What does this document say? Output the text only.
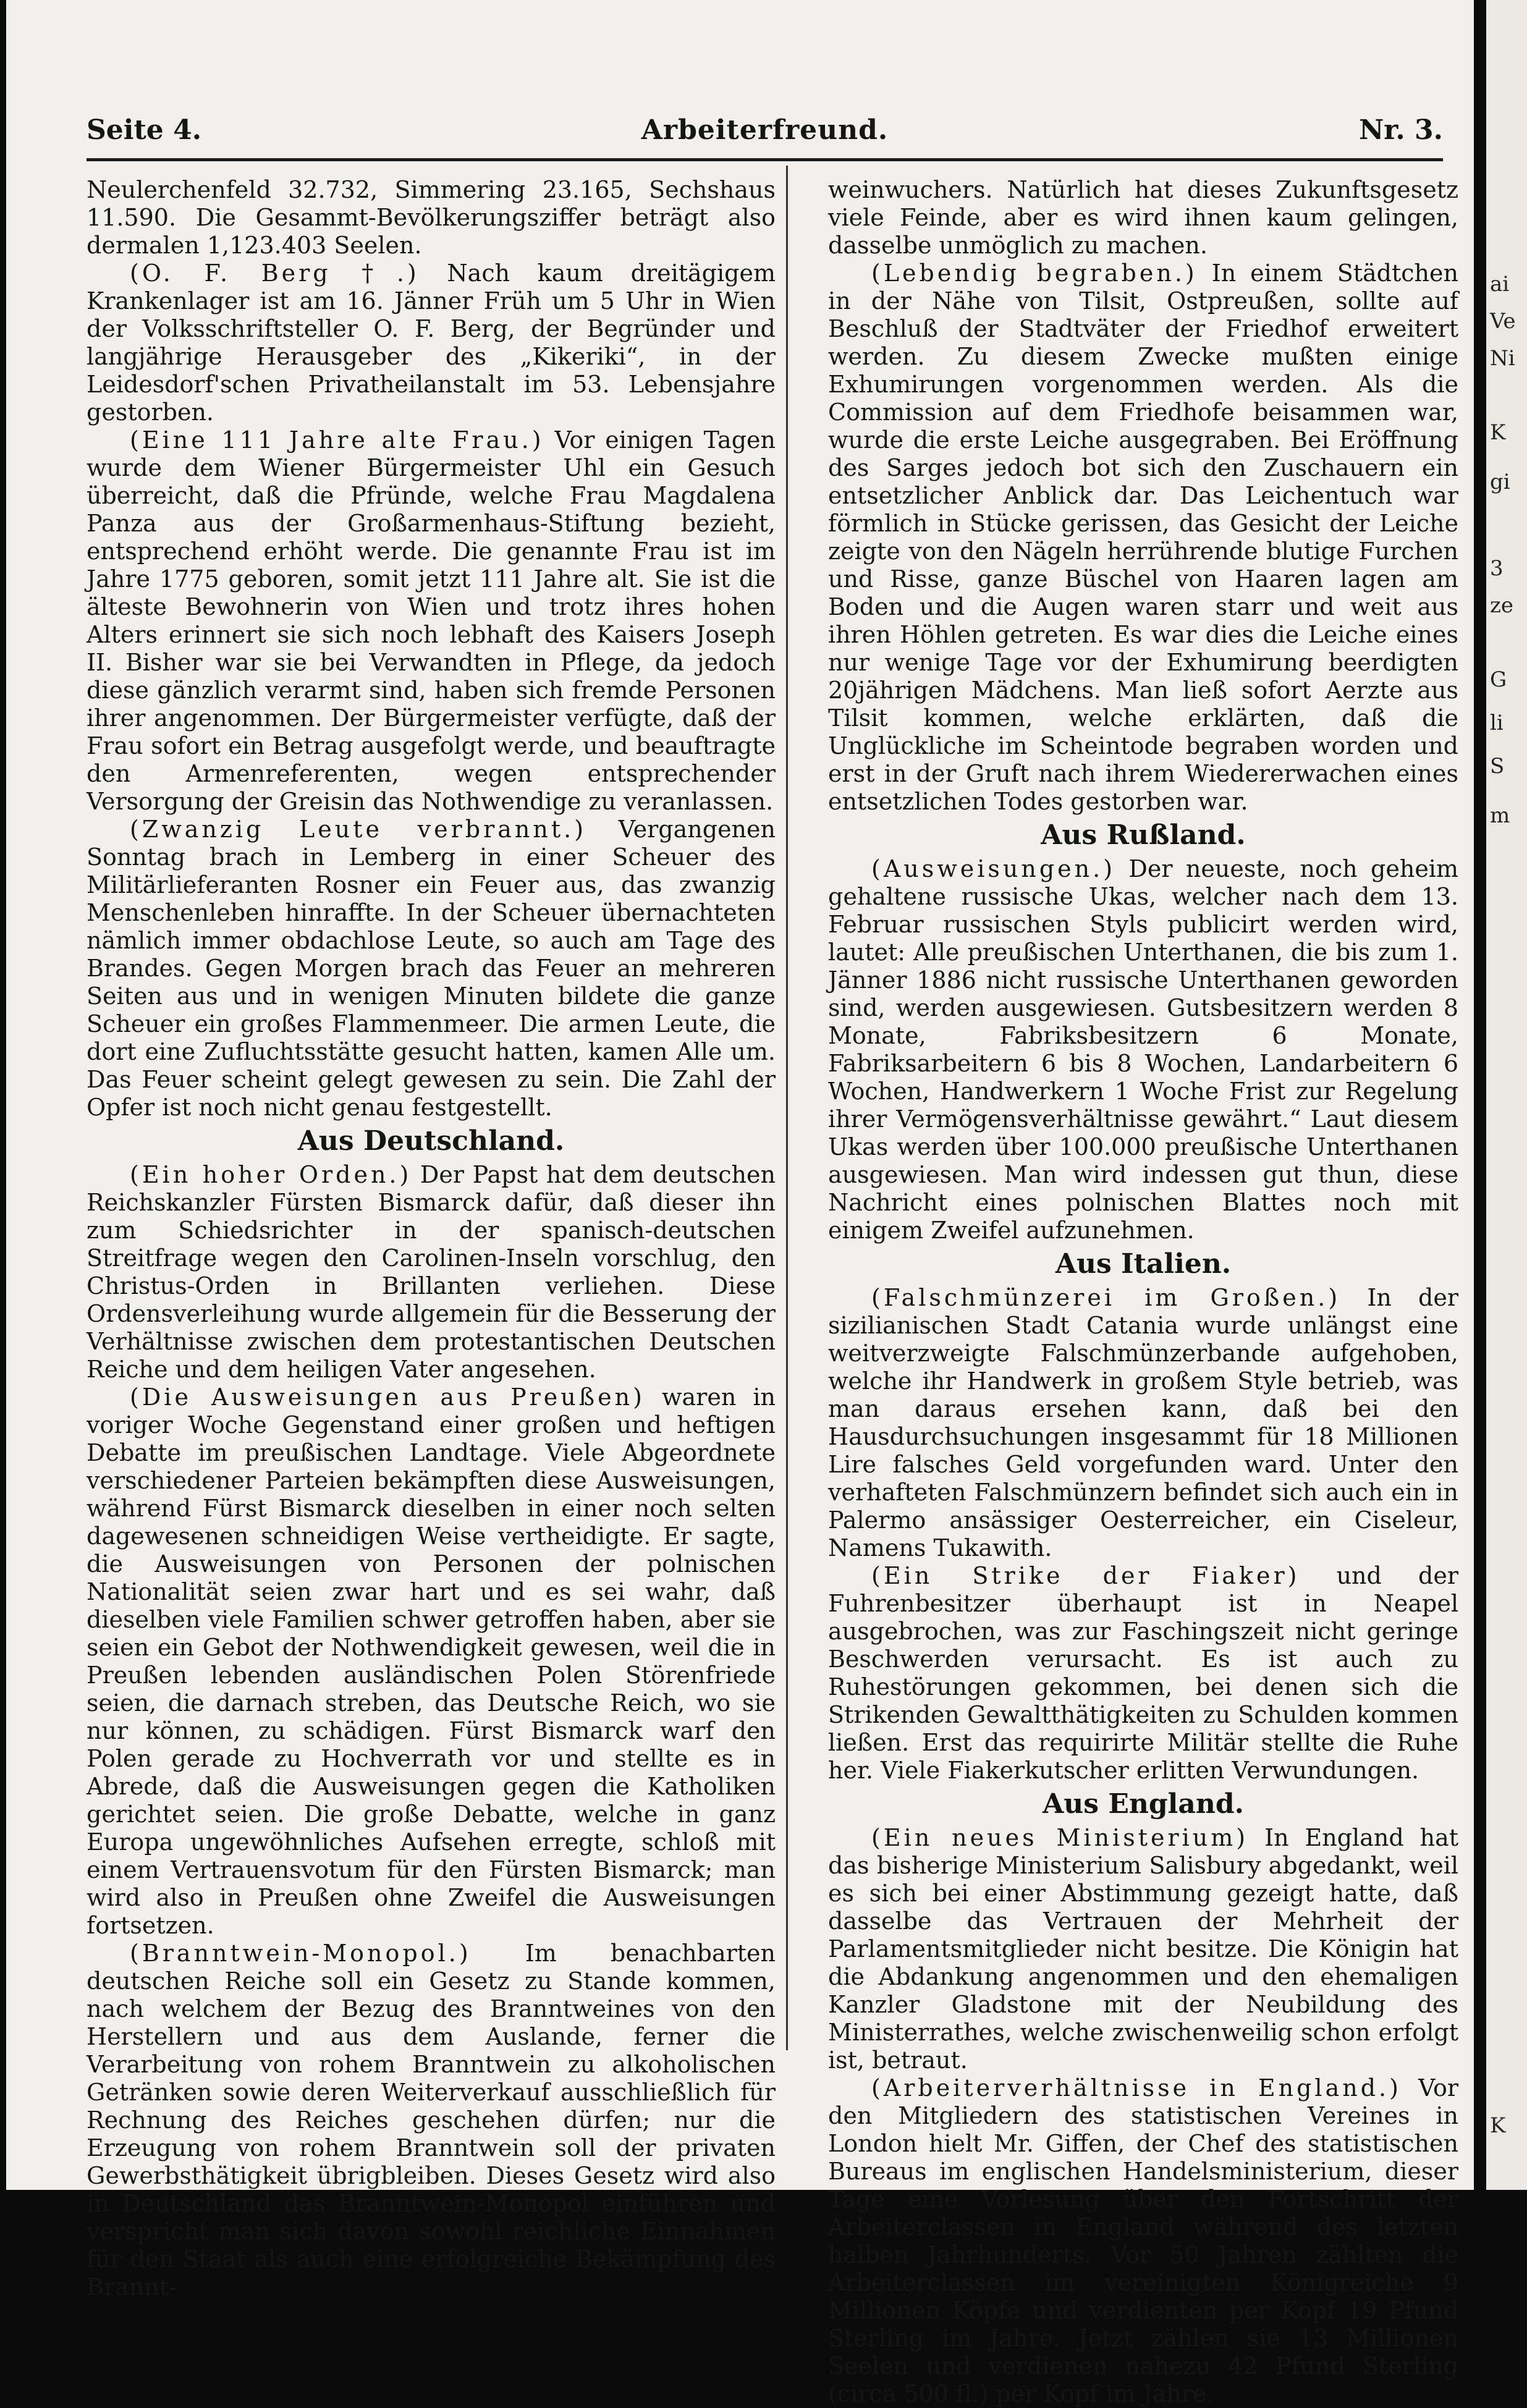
Seite 4.	Arbeiterfreund.	Nr. 3.

Neulerchenfeld 32.732, Simmering 23.165, Sechshaus 11.590. Die Gesammt-Bevölkerungsziffer beträgt also dermalen 1,123.403 Seelen.

(O. F. Berg †.) Nach kaum dreitägigem Krankenlager ist am 16. Jänner Früh um 5 Uhr in Wien der Volksschriftsteller O. F. Berg, der Begründer und langjährige Herausgeber des „Kikeriki“, in der Leidesdorf'schen Privatheilanstalt im 53. Lebensjahre gestorben.

(Eine 111 Jahre alte Frau.) Vor einigen Tagen wurde dem Wiener Bürgermeister Uhl ein Gesuch überreicht, daß die Pfründe, welche Frau Magdalena Panza aus der Großarmenhaus-Stiftung bezieht, entsprechend erhöht werde. Die genannte Frau ist im Jahre 1775 geboren, somit jetzt 111 Jahre alt. Sie ist die älteste Bewohnerin von Wien und trotz ihres hohen Alters erinnert sie sich noch lebhaft des Kaisers Joseph II. Bisher war sie bei Verwandten in Pflege, da jedoch diese gänzlich verarmt sind, haben sich fremde Personen ihrer angenommen. Der Bürgermeister verfügte, daß der Frau sofort ein Betrag ausgefolgt werde, und beauftragte den Armenreferenten, wegen entsprechender Versorgung der Greisin das Nothwendige zu veranlassen.

(Zwanzig Leute verbrannt.) Vergangenen Sonntag brach in Lemberg in einer Scheuer des Militärlieferanten Rosner ein Feuer aus, das zwanzig Menschenleben hinraffte. In der Scheuer übernachteten nämlich immer obdachlose Leute, so auch am Tage des Brandes. Gegen Morgen brach das Feuer an mehreren Seiten aus und in wenigen Minuten bildete die ganze Scheuer ein großes Flammenmeer. Die armen Leute, die dort eine Zufluchtsstätte gesucht hatten, kamen Alle um. Das Feuer scheint gelegt gewesen zu sein. Die Zahl der Opfer ist noch nicht genau festgestellt.

Aus Deutschland.

(Ein hoher Orden.) Der Papst hat dem deutschen Reichskanzler Fürsten Bismarck dafür, daß dieser ihn zum Schiedsrichter in der spanisch-deutschen Streitfrage wegen den Carolinen-Inseln vorschlug, den Christus-Orden in Brillanten verliehen. Diese Ordensverleihung wurde allgemein für die Besserung der Verhältnisse zwischen dem protestantischen Deutschen Reiche und dem heiligen Vater angesehen.

(Die Ausweisungen aus Preußen) waren in voriger Woche Gegenstand einer großen und heftigen Debatte im preußischen Landtage. Viele Abgeordnete verschiedener Parteien bekämpften diese Ausweisungen, während Fürst Bismarck dieselben in einer noch selten dagewesenen schneidigen Weise vertheidigte. Er sagte, die Ausweisungen von Personen der polnischen Nationalität seien zwar hart und es sei wahr, daß dieselben viele Familien schwer getroffen haben, aber sie seien ein Gebot der Nothwendigkeit gewesen, weil die in Preußen lebenden ausländischen Polen Störenfriede seien, die darnach streben, das Deutsche Reich, wo sie nur können, zu schädigen. Fürst Bismarck warf den Polen gerade zu Hochverrath vor und stellte es in Abrede, daß die Ausweisungen gegen die Katholiken gerichtet seien. Die große Debatte, welche in ganz Europa ungewöhnliches Aufsehen erregte, schloß mit einem Vertrauensvotum für den Fürsten Bismarck; man wird also in Preußen ohne Zweifel die Ausweisungen fortsetzen.

(Branntwein-Monopol.) Im benachbarten deutschen Reiche soll ein Gesetz zu Stande kommen, nach welchem der Bezug des Branntweines von den Herstellern und aus dem Auslande, ferner die Verarbeitung von rohem Branntwein zu alkoholischen Getränken sowie deren Weiterverkauf ausschließlich für Rechnung des Reiches geschehen dürfen; nur die Erzeugung von rohem Branntwein soll der privaten Gewerbsthätigkeit übrigbleiben. Dieses Gesetz wird also in Deutschland das Branntwein-Monopol einführen und verspricht man sich davon sowohl reichliche Einnahmen für den Staat als auch eine erfolgreiche Bekämpfung des Brannt-

weinwuchers. Natürlich hat dieses Zukunftsgesetz viele Feinde, aber es wird ihnen kaum gelingen, dasselbe unmöglich zu machen.

(Lebendig begraben.) In einem Städtchen in der Nähe von Tilsit, Ostpreußen, sollte auf Beschluß der Stadtväter der Friedhof erweitert werden. Zu diesem Zwecke mußten einige Exhumirungen vorgenommen werden. Als die Commission auf dem Friedhofe beisammen war, wurde die erste Leiche ausgegraben. Bei Eröffnung des Sarges jedoch bot sich den Zuschauern ein entsetzlicher Anblick dar. Das Leichentuch war förmlich in Stücke gerissen, das Gesicht der Leiche zeigte von den Nägeln herrührende blutige Furchen und Risse, ganze Büschel von Haaren lagen am Boden und die Augen waren starr und weit aus ihren Höhlen getreten. Es war dies die Leiche eines nur wenige Tage vor der Exhumirung beerdigten 20jährigen Mädchens. Man ließ sofort Aerzte aus Tilsit kommen, welche erklärten, daß die Unglückliche im Scheintode begraben worden und erst in der Gruft nach ihrem Wiedererwachen eines entsetzlichen Todes gestorben war.

Aus Rußland.

(Ausweisungen.) Der neueste, noch geheim gehaltene russische Ukas, welcher nach dem 13. Februar russischen Styls publicirt werden wird, lautet: Alle preußischen Unterthanen, die bis zum 1. Jänner 1886 nicht russische Unterthanen geworden sind, werden ausgewiesen. Gutsbesitzern werden 8 Monate, Fabriksbesitzern 6 Monate, Fabriksarbeitern 6 bis 8 Wochen, Landarbeitern 6 Wochen, Handwerkern 1 Woche Frist zur Regelung ihrer Vermögensverhältnisse gewährt.“ Laut diesem Ukas werden über 100.000 preußische Unterthanen ausgewiesen. Man wird indessen gut thun, diese Nachricht eines polnischen Blattes noch mit einigem Zweifel aufzunehmen.

Aus Italien.

(Falschmünzerei im Großen.) In der sizilianischen Stadt Catania wurde unlängst eine weitverzweigte Falschmünzerbande aufgehoben, welche ihr Handwerk in großem Style betrieb, was man daraus ersehen kann, daß bei den Hausdurchsuchungen insgesammt für 18 Millionen Lire falsches Geld vorgefunden ward. Unter den verhafteten Falschmünzern befindet sich auch ein in Palermo ansässiger Oesterreicher, ein Ciseleur, Namens Tukawith.

(Ein Strike der Fiaker) und der Fuhrenbesitzer überhaupt ist in Neapel ausgebrochen, was zur Faschingszeit nicht geringe Beschwerden verursacht. Es ist auch zu Ruhestörungen gekommen, bei denen sich die Strikenden Gewaltthätigkeiten zu Schulden kommen ließen. Erst das requirirte Militär stellte die Ruhe her. Viele Fiakerkutscher erlitten Verwundungen.

Aus England.

(Ein neues Ministerium) In England hat das bisherige Ministerium Salisbury abgedankt, weil es sich bei einer Abstimmung gezeigt hatte, daß dasselbe das Vertrauen der Mehrheit der Parlamentsmitglieder nicht besitze. Die Königin hat die Abdankung angenommen und den ehemaligen Kanzler Gladstone mit der Neubildung des Ministerrathes, welche zwischenweilig schon erfolgt ist, betraut.

(Arbeiterverhältnisse in England.) Vor den Mitgliedern des statistischen Vereines in London hielt Mr. Giffen, der Chef des statistischen Bureaus im englischen Handelsministerium, dieser Tage eine Vorlesung über den Fortschritt der Arbeiterclassen in England während des letzten halben Jahrhunderts. Vor 50 Jahren zählten die Arbeiterclassen im vereinigten Königreiche 9 Millionen Köpfe und verdienten per Kopf 19 Pfund Sterling im Jahre. Jetzt zählen sie 13 Millionen Seelen und verdienen nahezu 42 Pfund Sterling (circa 500 fl.) per Kopf im Jahre.

ai
Ve
Ni
K
gi
3
ze
G
li
S
m
K
